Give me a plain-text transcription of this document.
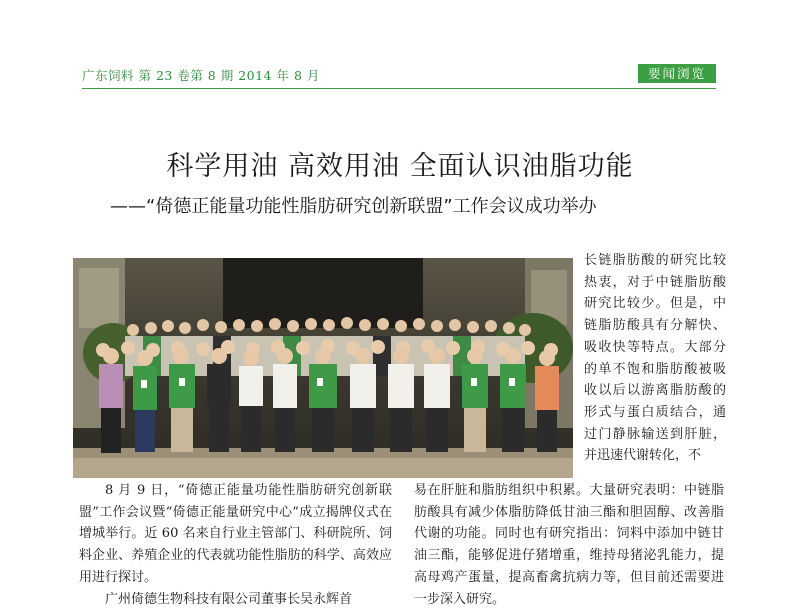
广东饲料 第 23 卷第 8 期 2014 年 8 月	要闻浏览
科学用油 高效用油 全面认识油脂功能
——“倚德正能量功能性脂肪研究创新联盟”工作会议成功举办

长链脂肪酸的研究比较热衷，对于中链脂肪酸研究比较少。但是，中链脂肪酸具有分解快、吸收快等特点。大部分的单不饱和脂肪酸被吸收以后以游离脂肪酸的形式与蛋白质结合，通过门静脉输送到肝脏，并迅速代谢转化，不

8 月 9 日，“倚德正能量功能性脂肪研究创新联盟”工作会议暨“倚德正能量研究中心”成立揭牌仪式在增城举行。近 60 名来自行业主管部门、科研院所、饲料企业、养殖企业的代表就功能性脂肪的科学、高效应用进行探讨。

广州倚德生物科技有限公司董事长吴永辉首

易在肝脏和脂肪组织中积累。大量研究表明：中链脂肪酸具有减少体脂肪降低甘油三酯和胆固醇、改善脂代谢的功能。同时也有研究指出：饲料中添加中链甘油三酯，能够促进仔猪增重，维持母猪泌乳能力，提高母鸡产蛋量，提高畜禽抗病力等，但目前还需要进一步深入研究。
